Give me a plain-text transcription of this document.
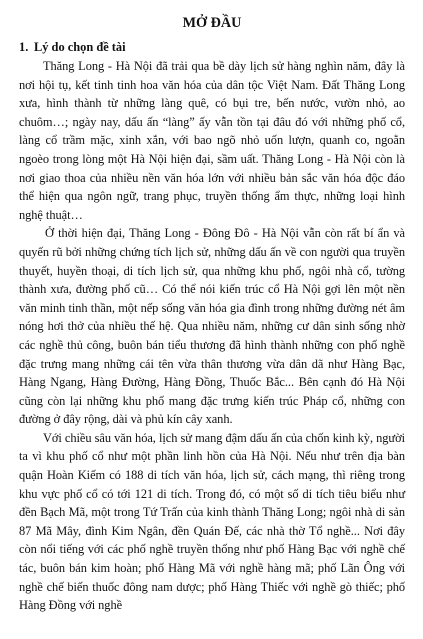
MỞ ĐẦU
1. Lý do chọn đề tài

Thăng Long - Hà Nội đã trải qua bề dày lịch sử hàng nghìn năm, đây là nơi hội tụ, kết tinh tinh hoa văn hóa của dân tộc Việt Nam. Đất Thăng Long xưa, hình thành từ những làng quê, có bụi tre, bến nước, vườn nhỏ, ao chuôm…; ngày nay, dấu ấn “làng” ấy vẫn tồn tại đâu đó với những phố cổ, làng cổ trầm mặc, xinh xắn, với bao ngõ nhỏ uốn lượn, quanh co, ngoằn ngoèo trong lòng một Hà Nội hiện đại, sầm uất. Thăng Long - Hà Nội còn là nơi giao thoa của nhiều nền văn hóa lớn với nhiều bản sắc văn hóa độc đáo thể hiện qua ngôn ngữ, trang phục, truyền thống ẩm thực, những loại hình nghệ thuật…

Ở thời hiện đại, Thăng Long - Đông Đô - Hà Nội vẫn còn rất bí ẩn và quyến rũ bởi những chứng tích lịch sử, những dấu ấn về con người qua truyền thuyết, huyền thoại, di tích lịch sử, qua những khu phố, ngôi nhà cổ, tường thành xưa, đường phố cũ… Có thể nói kiến trúc cổ Hà Nội gợi lên một nền văn minh tinh thần, một nếp sống văn hóa gia đình trong những đường nét âm nóng hơi thở của nhiều thế hệ. Qua nhiều năm, những cư dân sinh sống nhờ các nghề thủ công, buôn bán tiểu thương đã hình thành những con phố nghề đặc trưng mang những cái tên vừa thân thương vừa dân dã như Hàng Bạc, Hàng Ngang, Hàng Đường, Hàng Đồng, Thuốc Bắc... Bên cạnh đó Hà Nội cũng còn lại những khu phố mang đặc trưng kiến trúc Pháp cổ, những con đường ở đây rộng, dài và phủ kín cây xanh.

Với chiều sâu văn hóa, lịch sử mang đậm dấu ấn của chốn kinh kỳ, người ta vì khu phố cổ như một phần linh hồn của Hà Nội. Nếu như trên địa bàn quận Hoàn Kiếm có 188 di tích văn hóa, lịch sử, cách mạng, thì riêng trong khu vực phố cổ có tới 121 di tích. Trong đó, có một số di tích tiêu biểu như đền Bạch Mã, một trong Tứ Trấn của kinh thành Thăng Long; ngôi nhà di sản 87 Mã Mây, đình Kim Ngân, đền Quán Đế, các nhà thờ Tổ nghề... Nơi đây còn nổi tiếng với các phố nghề truyền thống như phố Hàng Bạc với nghề chế tác, buôn bán kim hoàn; phố Hàng Mã với nghề hàng mã; phố Lãn Ông với nghề chế biến thuốc đông nam dược; phố Hàng Thiếc với nghề gò thiếc; phố Hàng Đồng với nghề
